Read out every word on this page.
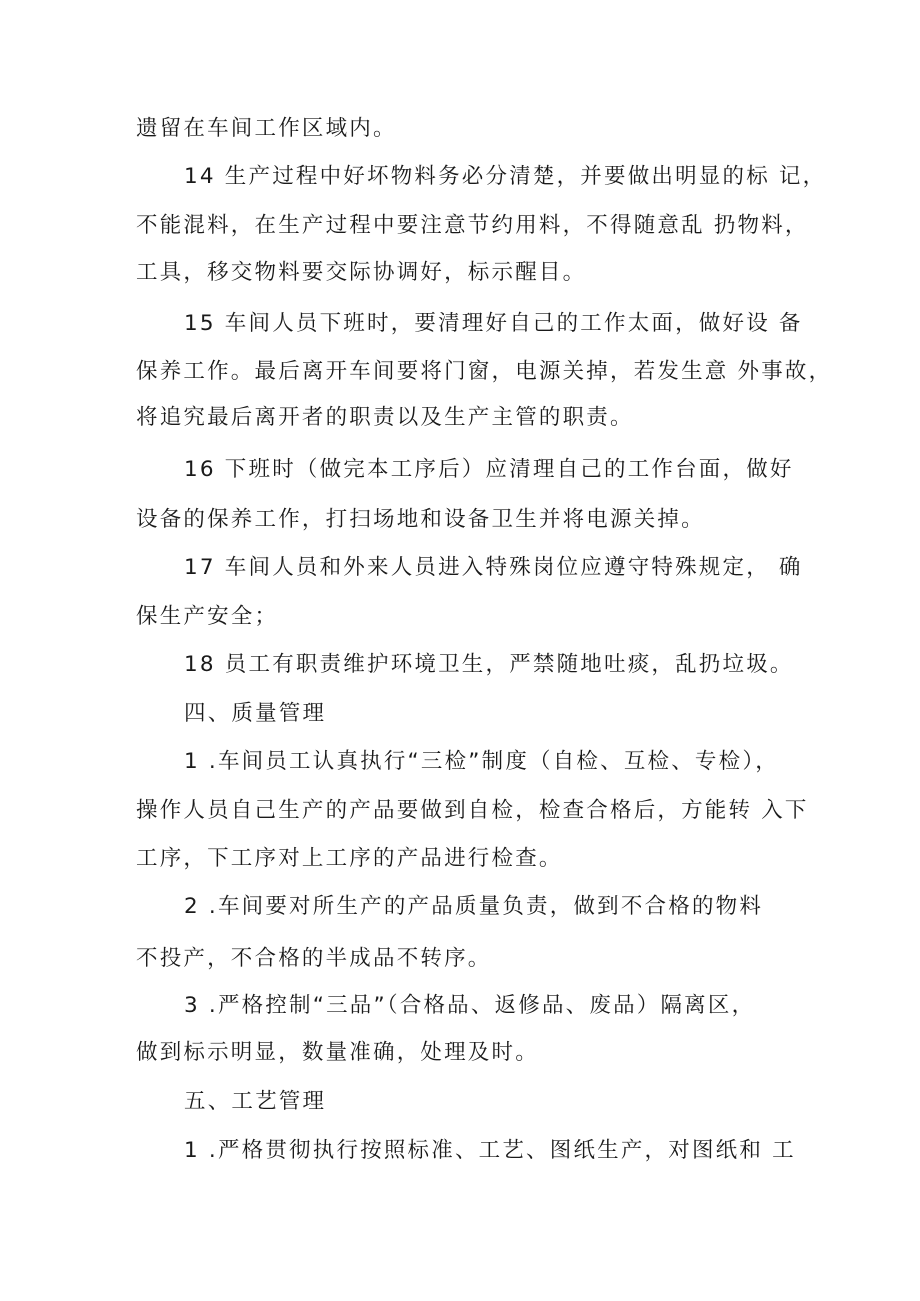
遗留在车间工作区域内。
14 生产过程中好坏物料务必分清楚，并要做出明显的标 记，
不能混料，在生产过程中要注意节约用料，不得随意乱 扔物料，
工具，移交物料要交际协调好，标示醒目。
15 车间人员下班时，要清理好自己的工作太面，做好设 备
保养工作。最后离开车间要将门窗，电源关掉，若发生意 外事故，
将追究最后离开者的职责以及生产主管的职责。
16 下班时（做完本工序后）应清理自己的工作台面，做好
设备的保养工作，打扫场地和设备卫生并将电源关掉。
17 车间人员和外来人员进入特殊岗位应遵守特殊规定， 确
保生产安全；
18 员工有职责维护环境卫生，严禁随地吐痰，乱扔垃圾。
四、质量管理
1 .车间员工认真执行“三检”制度（自检、互检、专检），
操作人员自己生产的产品要做到自检，检查合格后，方能转 入下
工序，下工序对上工序的产品进行检查。
2 .车间要对所生产的产品质量负责，做到不合格的物料
不投产，不合格的半成品不转序。
3 .严格控制“三品”（合格品、返修品、废品）隔离区，
做到标示明显，数量准确，处理及时。
五、工艺管理
1 .严格贯彻执行按照标准、工艺、图纸生产，对图纸和 工
